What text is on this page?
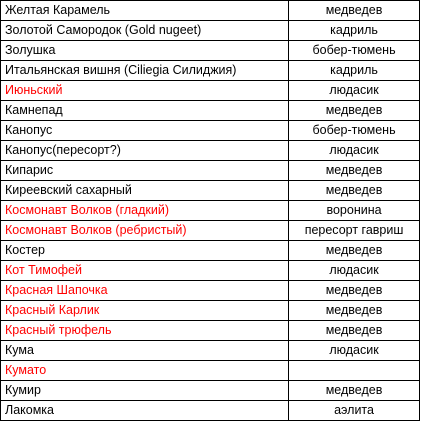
Желтая Карамель	медведев
Золотой Самородок (Gold nugeet)	кадриль
Золушка	бобер-тюмень
Итальянская вишня (Ciliegia Силиджия)	кадриль
Июньский	людасик
Камнепад	медведев
Канопус	бобер-тюмень
Канопус(пересорт?)	людасик
Кипарис	медведев
Киреевский сахарный	медведев
Космонавт Волков (гладкий)	воронина
Космонавт Волков (ребристый)	пересорт гавриш
Костер	медведев
Кот Тимофей	людасик
Красная Шапочка	медведев
Красный Карлик	медведев
Красный трюфель	медведев
Кума	людасик
Кумато	
Кумир	медведев
Лакомка	аэлита
